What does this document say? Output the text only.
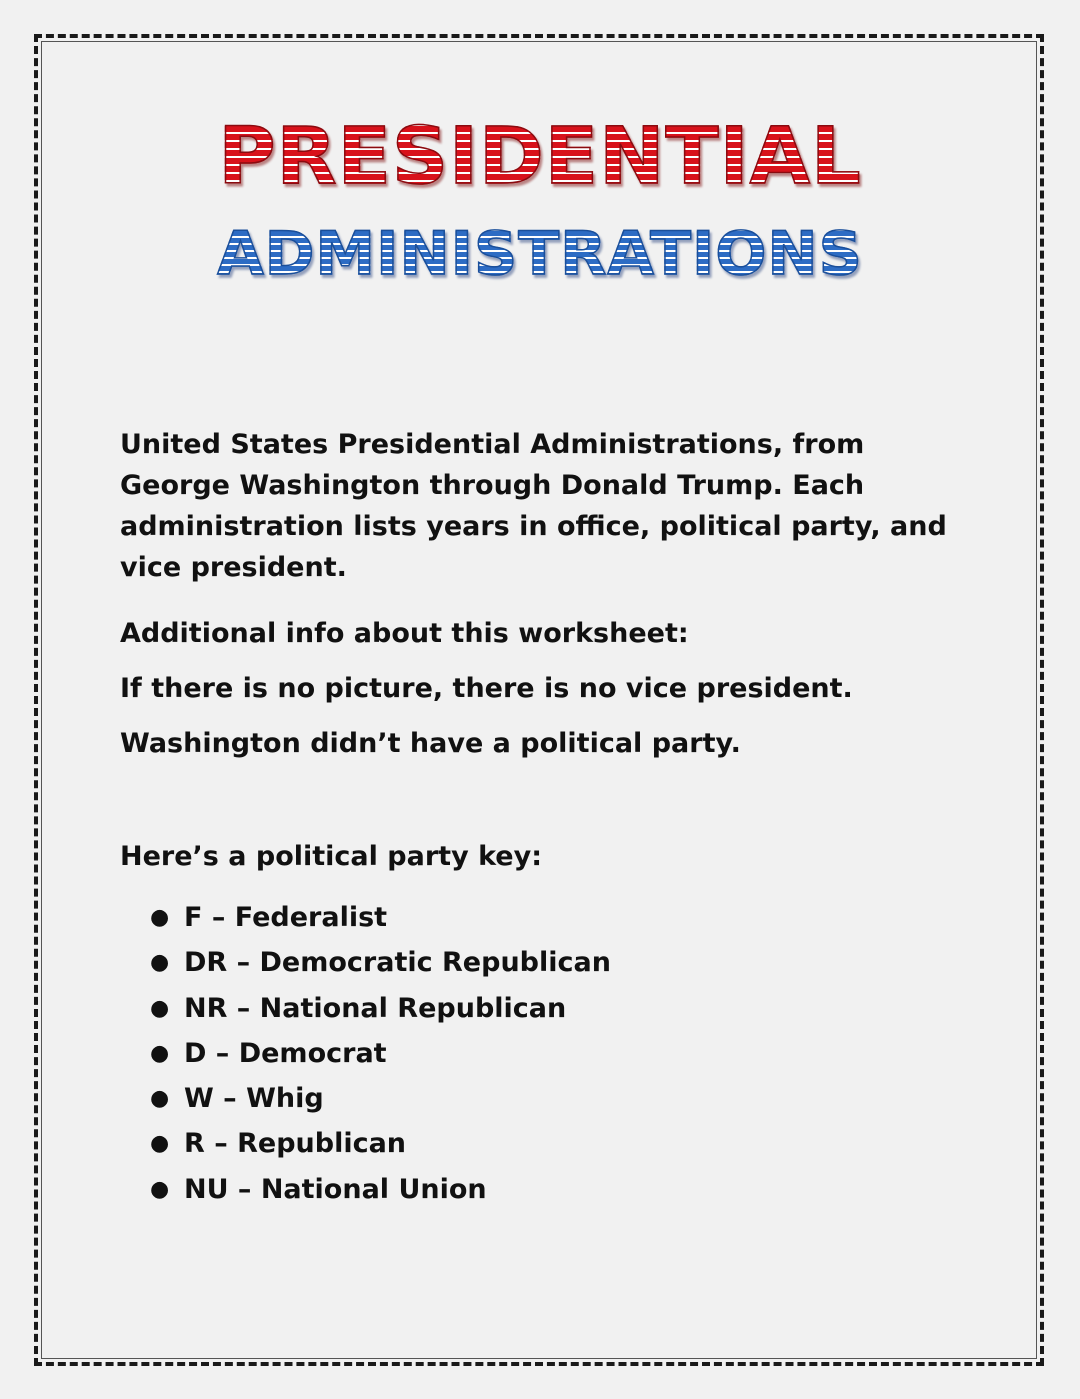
PRESIDENTIAL
ADMINISTRATIONS
United States Presidential Administrations, from George Washington through Donald Trump. Each administration lists years in office, political party, and vice president.
Additional info about this worksheet:
If there is no picture, there is no vice president.
Washington didn’t have a political party.
Here’s a political party key:
● F – Federalist
● DR – Democratic Republican
● NR – National Republican
● D – Democrat
● W – Whig
● R – Republican
● NU – National Union
